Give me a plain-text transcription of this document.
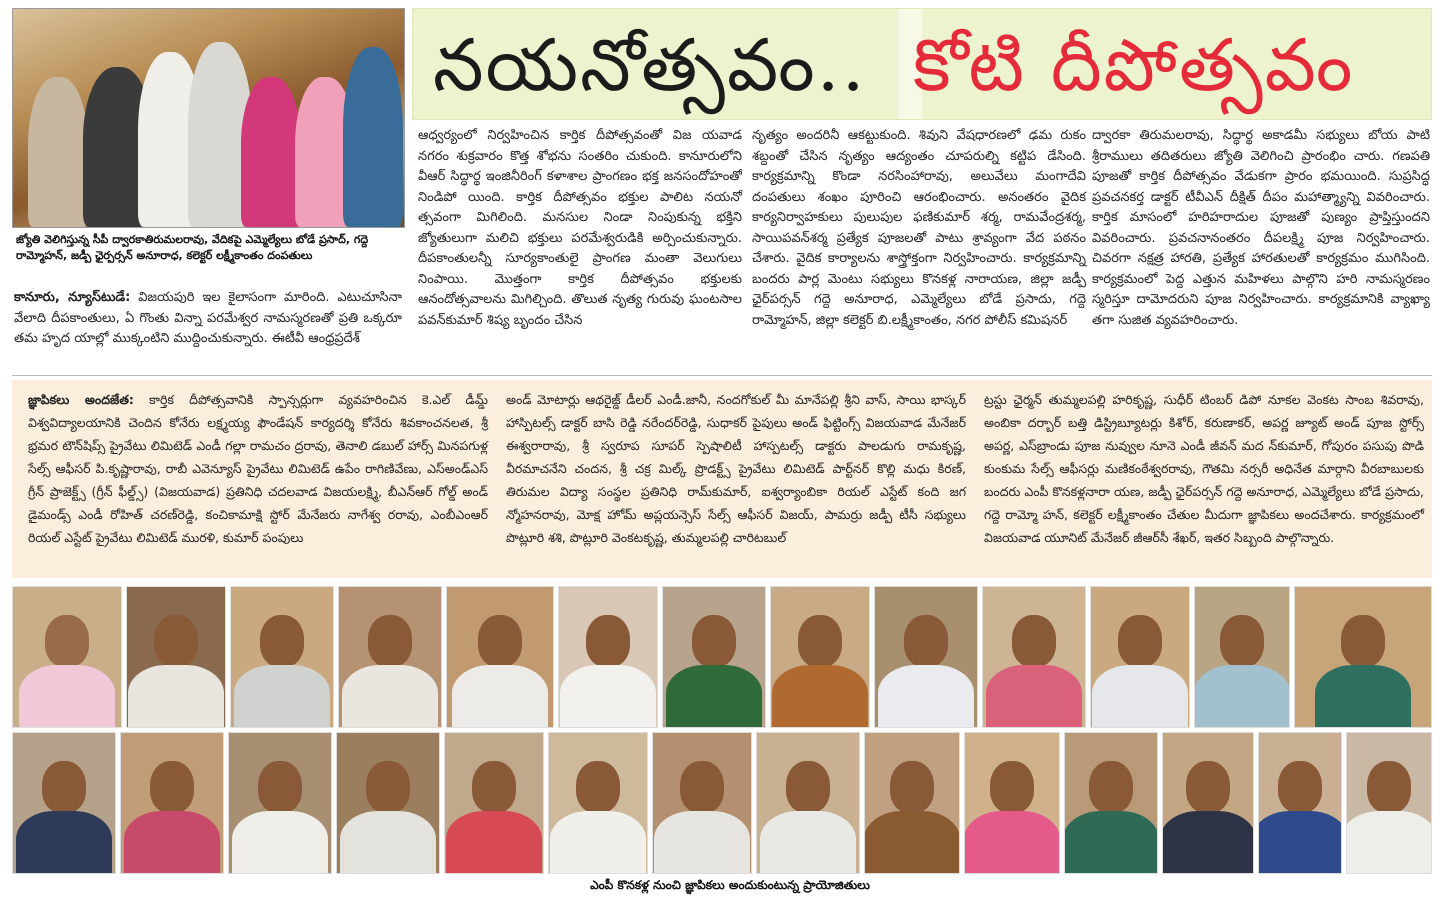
జ్యోతి వెలిగిస్తున్న సీపీ ద్వారకాతిరుమలరావు, వేదికపై ఎమ్మెల్యేలు బోడే ప్రసాద్, గద్దె రామ్మోహన్, జడ్పీ ఛైర్పర్సన్ అనూరాధ, కలెక్టర్ లక్ష్మీకాంతం దంపతులు
నయనోత్సవం.. కోటి దీపోత్సవం
కానూరు, న్యూస్‌టుడే: విజయపురి ఇల కైలాసంగా మారింది. ఎటుచూసినా వేలాది దీపకాంతులు, ఏ గొంతు విన్నా పరమేశ్వర నామస్మరణతో ప్రతి ఒక్కరూ తమ హృద యాల్లో ముక్కంటిని ముద్దించుకున్నారు. ఈటీవీ ఆంధ్రప్రదేశ్
ఆధ్వర్యంలో నిర్వహించిన కార్తిక దీపోత్సవంతో విజ యవాడ నగరం శుక్రవారం కొత్త శోభను సంతరిం చుకుంది. కానూరులోని వీఆర్ సిద్ధార్థ ఇంజినీరింగ్ కళాశాల ప్రాంగణం భక్త జనసందోహంతో నిండిపో యింది. కార్తిక దీపోత్సవం భక్తుల పాలిట నయనో త్సవంగా మిగిలింది. మనసుల నిండా నింపుకున్న భక్తిని జ్యోతులుగా మలిచి భక్తులు పరమేశ్వరుడికి అర్పించుకున్నారు. దీపకాంతులన్నీ సూర్యకాంతులై ప్రాంగణ మంతా వెలుగులు నింపాయి. మొత్తంగా కార్తిక దీపోత్సవం భక్తులకు ఆనందోత్సవాలను మిగిల్చింది. తొలుత నృత్య గురువు ఘంటసాల పవన్‌కుమార్ శిష్య బృందం చేసిన
నృత్యం అందరినీ ఆకట్టుకుంది. శివుని వేషధారణలో ఢమ రుకం శబ్దంతో చేసిన నృత్యం ఆద్యంతం చూపరుల్ని కట్టిప డేసింది. కార్యక్రమాన్ని కొండా నరసింహారావు, అలువేలు మంగాదేవి దంపతులు శంఖం పూరించి ఆరంభించారు. అనంతరం వైదిక కార్యనిర్వాహకులు పులుపుల ఫణికుమార్ శర్మ, రామవేంద్రశర్మ, సాయిపవన్‌శర్మ ప్రత్యేక పూజలతో పాటు శ్రావ్యంగా వేద పఠనం చేశారు. వైదిక కార్యాలను శాస్త్రోక్తంగా నిర్వహించారు. కార్యక్రమాన్ని బందరు పార్ల మెంటు సభ్యులు కొనకళ్ల నారాయణ, జిల్లా జడ్పీ ఛైర్‌పర్సన్ గద్దె అనూరాధ, ఎమ్మెల్యేలు బోడే ప్రసాదు, గద్దె రామ్మోహన్, జిల్లా కలెక్టర్ బి.లక్ష్మీకాంతం, నగర పోలీస్ కమిషనర్
ద్వారకా తిరుమలరావు, సిద్ధార్థ అకాడమీ సభ్యులు బోయ పాటి శ్రీరాములు తదితరులు జ్యోతి వెలిగించి ప్రారంభిం చారు. గణపతి పూజతో కార్తిక దీపోత్సవం వేడుకగా ప్రారం భమయింది. సుప్రసిద్ధ ప్రవచనకర్త డాక్టర్ టీవీఎన్ దీక్షిత్ దీపం మహాత్మ్యాన్ని వివరించారు. కార్తిక మాసంలో హరిహరాదుల పూజతో పుణ్యం ప్రాప్తిస్తుందని వివరించారు. ప్రవచనానంతరం దీపలక్ష్మి పూజ నిర్వహించారు. చివరగా నక్షత్ర హారతి, ప్రత్యేక హారతులతో కార్యక్రమం ముగిసింది. కార్యక్రమంలో పెద్ద ఎత్తున మహిళలు పాల్గొని హరి నామస్మరణం స్మరిస్తూ దామోదరుని పూజ నిర్వహించారు. కార్యక్రమానికి వ్యాఖ్యా తగా సుజిత వ్యవహరించారు.
జ్ఞాపికలు అందజేత: కార్తిక దీపోత్సవానికి స్పాన్సర్లుగా వ్యవహరించిన కె.ఎల్ డీమ్డ్ విశ్వవిద్యాలయానికి చెందిన కోనేరు లక్ష్మయ్య ఫౌండేషన్ కార్యదర్శి కోనేరు శివకాంచనలత, శ్రీ భ్రమర టౌన్‌షిప్స్ ప్రైవేటు లిమిటెడ్ ఎండీ గల్లా రామచం ద్రరావు, తెనాలి డబుల్ హార్స్ మినపగుళ్ల సేల్స్ ఆఫీసర్ పి.కృష్ణారావు, రాబీ ఎవెన్యూస్ ప్రైవేటు లిమిటెడ్ ఉపేం రాగిణివేణు, ఎస్అండ్ఎస్ గ్రీన్ ప్రాజెక్ట్స్ (గ్రీన్ ఫీల్డ్స్) (విజయవాడ) ప్రతినిధి చదలవాడ విజయలక్ష్మి, బీఎన్ఆర్ గోల్డ్ అండ్ డైమండ్స్ ఎండీ రోహిత్ చరణ్‌రెడ్డి, కంచికామాక్షి స్టోర్ మేనేజరు నాగేశ్వ రరావు, ఎంబీఎంఆర్ రియల్ ఎస్టేట్ ప్రైవేటు లిమిటెడ్ మురళి, కుమార్ పంపులు
అండ్ మోటార్లు ఆథరైజ్డ్ డీలర్ ఎండీ.జానీ, నందగోకుల్ మీ మానేపల్లి శ్రీని వాస్, సాయి భాస్కర్ హాస్పిటల్స్ డాక్టర్ బాసి రెడ్డి నరేందర్‌రెడ్డి, సుధాకర్ పైపులు అండ్ ఫిట్టింగ్స్ విజయవాడ మేనేజర్ ఈశ్వరారావు, శ్రీ స్వరూప సూపర్ స్పెషాలిటీ హాస్పటల్స్ డాక్టరు పాలడుగు రామకృష్ణ, వీరమాచనేని చందన, శ్రీ చక్ర మిల్క్ ప్రొడక్ట్స్ ప్రైవేటు లిమిటెడ్ పార్ట్‌నర్ కొల్లి మధు కిరణ్, తిరుమల విద్యా సంస్థల ప్రతినిధి రామ్‌కుమార్, ఐశ్వర్యాంబికా రియల్ ఎస్టేట్ కంది జగ న్మోహనరావు, మోక్ష హోమ్ అప్లయన్సెస్ సేల్స్ ఆఫీసర్ విజయ్, పామర్రు జడ్పీ టీసీ సభ్యులు పొట్లూరి శశి, పొట్లూరి వెంకటకృష్ణ, తుమ్మలపల్లి చారిటబుల్
ట్రస్టు ఛైర్మన్ తుమ్మలపల్లి హరికృష్ణ, సుధీర్ టింబర్ డిపో నూకల వెంకట సాంబ శివరావు, అంబికా దర్బార్ బత్తి డిస్ట్రిబ్యూటర్లు కిశోర్, కరుణాకర్, అపర్ణ జ్యూట్ అండ్ పూజ స్టోర్స్ అపర్ణ, ఎస్‌బ్రాండు పూజ నువ్వుల నూనె ఎండీ జీవన్ మద న్‌కుమార్, గోపురం పసుపు పొడి కుంకుమ సేల్స్ ఆఫీసర్లు మణికంఠేశ్వరరావు, గౌతమి నర్సరీ అధినేత మార్గాని వీరబాబులకు బందరు ఎంపీ కొనకళ్లనారా యణ, జడ్పీ ఛైర్‌పర్సన్ గద్దె అనూరాధ, ఎమ్మెల్యేలు బోడే ప్రసాదు, గద్దె రామ్మో హన్, కలెక్టర్ లక్ష్మీకాంతం చేతుల మీదుగా జ్ఞాపికలు అందచేశారు. కార్యక్రమంలో విజయవాడ యూనిట్ మేనేజర్ జీఆర్‌సీ శేఖర్, ఇతర సిబ్బంది పాల్గొన్నారు.
ఎంపీ కొనకళ్ల నుంచి జ్ఞాపికలు అందుకుంటున్న ప్రాయోజితులు
